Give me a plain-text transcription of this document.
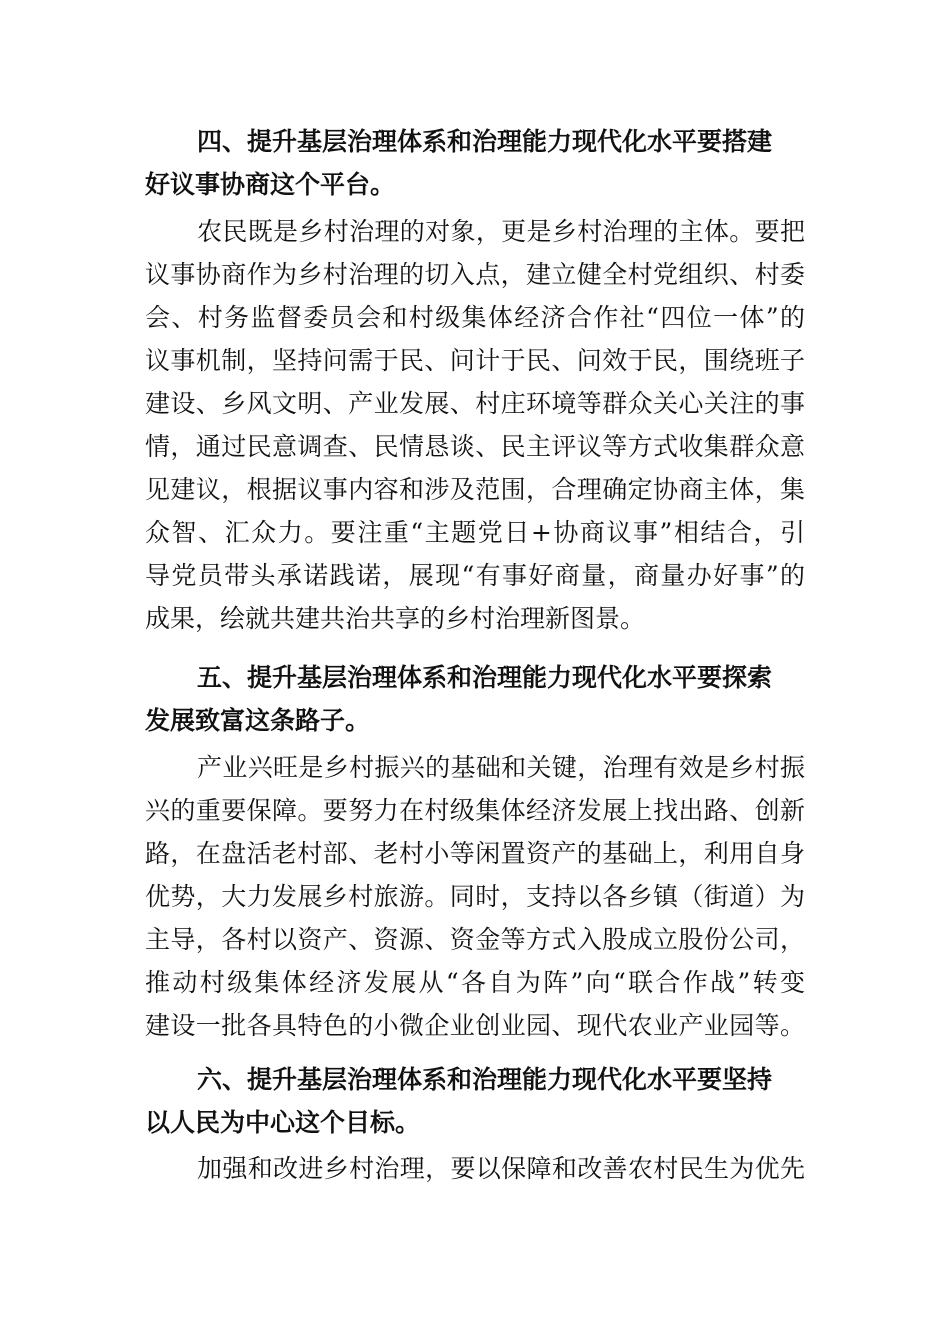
四、提升基层治理体系和治理能力现代化水平要搭建
好议事协商这个平台。
农民既是乡村治理的对象，更是乡村治理的主体。要把
议事协商作为乡村治理的切入点，建立健全村党组织、村委
会、村务监督委员会和村级集体经济合作社“四位一体”的
议事机制，坚持问需于民、问计于民、问效于民，围绕班子
建设、乡风文明、产业发展、村庄环境等群众关心关注的事
情，通过民意调查、民情恳谈、民主评议等方式收集群众意
见建议，根据议事内容和涉及范围，合理确定协商主体，集
众智、汇众力。要注重“主题党日+协商议事”相结合，引
导党员带头承诺践诺，展现“有事好商量，商量办好事”的
成果，绘就共建共治共享的乡村治理新图景。
五、提升基层治理体系和治理能力现代化水平要探索
发展致富这条路子。
产业兴旺是乡村振兴的基础和关键，治理有效是乡村振
兴的重要保障。要努力在村级集体经济发展上找出路、创新
路，在盘活老村部、老村小等闲置资产的基础上，利用自身
优势，大力发展乡村旅游。同时，支持以各乡镇（街道）为
主导，各村以资产、资源、资金等方式入股成立股份公司，
推动村级集体经济发展从“各自为阵”向“联合作战”转变
建设一批各具特色的小微企业创业园、现代农业产业园等。
六、提升基层治理体系和治理能力现代化水平要坚持
以人民为中心这个目标。
加强和改进乡村治理，要以保障和改善农村民生为优先
